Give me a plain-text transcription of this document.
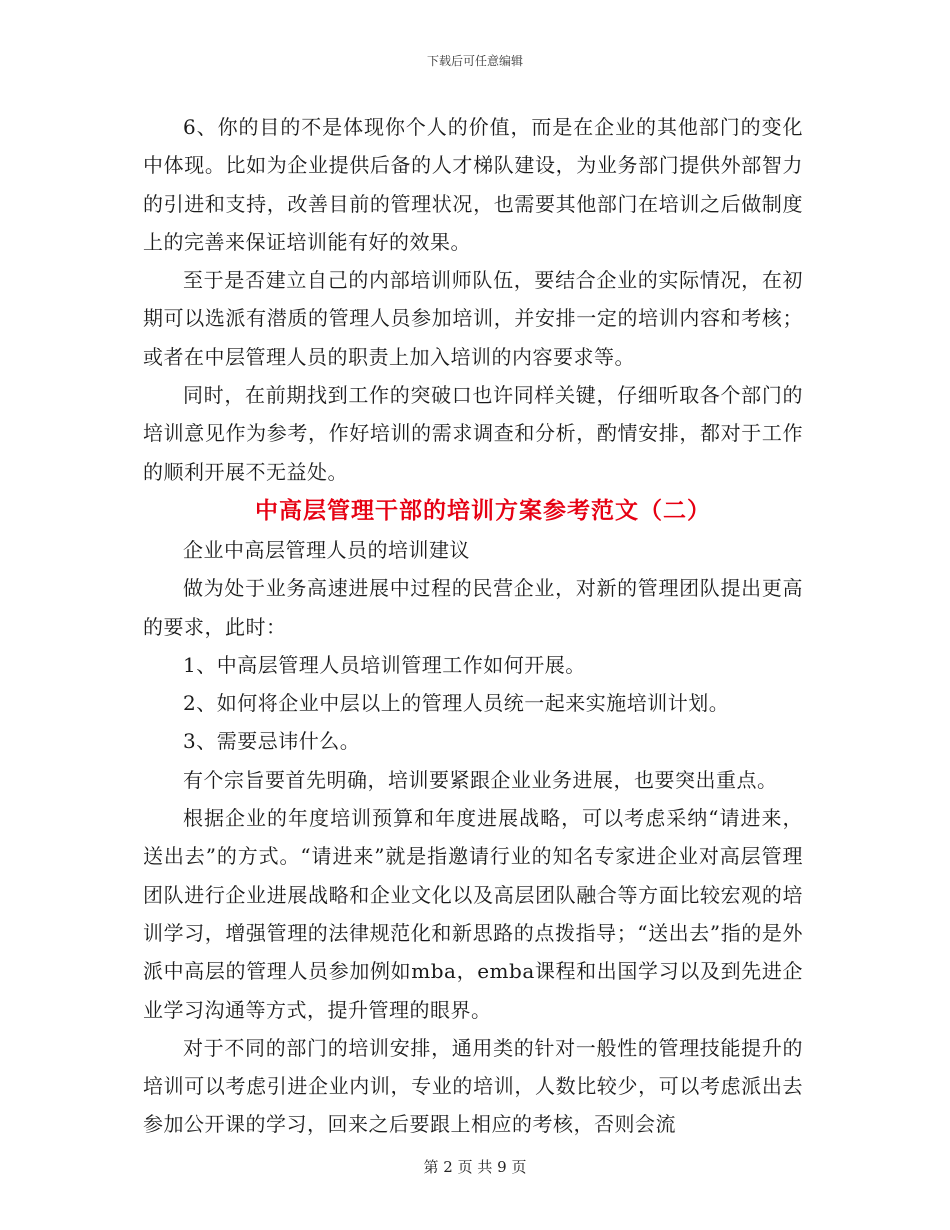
下载后可任意编辑

6、你的目的不是体现你个人的价值，而是在企业的其他部门的变化中体现。比如为企业提供后备的人才梯队建设，为业务部门提供外部智力的引进和支持，改善目前的管理状况，也需要其他部门在培训之后做制度上的完善来保证培训能有好的效果。

至于是否建立自己的内部培训师队伍，要结合企业的实际情况，在初期可以选派有潜质的管理人员参加培训，并安排一定的培训内容和考核；或者在中层管理人员的职责上加入培训的内容要求等。

同时，在前期找到工作的突破口也许同样关键，仔细听取各个部门的培训意见作为参考，作好培训的需求调查和分析，酌情安排，都对于工作的顺利开展不无益处。

中高层管理干部的培训方案参考范文（二）

企业中高层管理人员的培训建议

做为处于业务高速进展中过程的民营企业，对新的管理团队提出更高的要求，此时：

1、中高层管理人员培训管理工作如何开展。

2、如何将企业中层以上的管理人员统一起来实施培训计划。

3、需要忌讳什么。

有个宗旨要首先明确，培训要紧跟企业业务进展，也要突出重点。

根据企业的年度培训预算和年度进展战略，可以考虑采纳“请进来，送出去”的方式。“请进来”就是指邀请行业的知名专家进企业对高层管理团队进行企业进展战略和企业文化以及高层团队融合等方面比较宏观的培训学习，增强管理的法律规范化和新思路的点拨指导；“送出去”指的是外派中高层的管理人员参加例如mba，emba课程和出国学习以及到先进企业学习沟通等方式，提升管理的眼界。

对于不同的部门的培训安排，通用类的针对一般性的管理技能提升的培训可以考虑引进企业内训，专业的培训，人数比较少，可以考虑派出去参加公开课的学习，回来之后要跟上相应的考核，否则会流

第 2 页 共 9 页
